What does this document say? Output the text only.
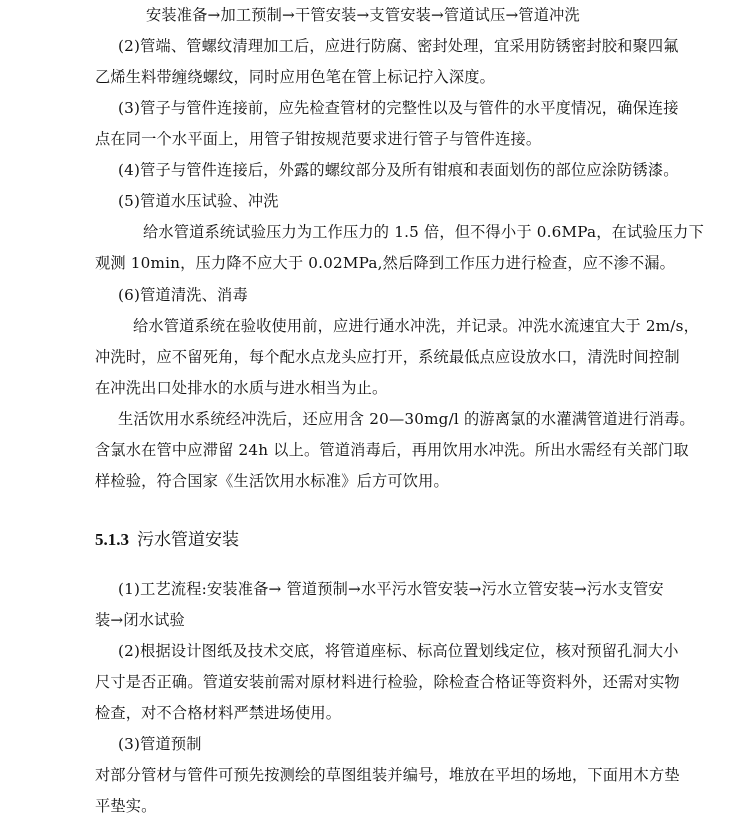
安装准备→加工预制→干管安装→支管安装→管道试压→管道冲洗
(2)管端、管螺纹清理加工后，应进行防腐、密封处理，宜采用防锈密封胶和聚四氟
乙烯生料带缠绕螺纹，同时应用色笔在管上标记拧入深度。
(3)管子与管件连接前，应先检查管材的完整性以及与管件的水平度情况，确保连接
点在同一个水平面上，用管子钳按规范要求进行管子与管件连接。
(4)管子与管件连接后，外露的螺纹部分及所有钳痕和表面划伤的部位应涂防锈漆。
(5)管道水压试验、冲洗
给水管道系统试验压力为工作压力的 1.5 倍，但不得小于 0.6MPa，在试验压力下
观测 10min，压力降不应大于 0.02MPa,然后降到工作压力进行检查，应不渗不漏。
(6)管道清洗、消毒
给水管道系统在验收使用前，应进行通水冲洗，并记录。冲洗水流速宜大于 2m/s，
冲洗时，应不留死角，每个配水点龙头应打开，系统最低点应设放水口，清洗时间控制
在冲洗出口处排水的水质与进水相当为止。
生活饮用水系统经冲洗后，还应用含 20—30mg/l 的游离氯的水灌满管道进行消毒。
含氯水在管中应滞留 24h 以上。管道消毒后，再用饮用水冲洗。所出水需经有关部门取
样检验，符合国家《生活饮用水标准》后方可饮用。
5.1.3 污水管道安装
(1)工艺流程:安装准备→ 管道预制→水平污水管安装→污水立管安装→污水支管安
装→闭水试验
(2)根据设计图纸及技术交底，将管道座标、标高位置划线定位，核对预留孔洞大小
尺寸是否正确。管道安装前需对原材料进行检验，除检查合格证等资料外，还需对实物
检查，对不合格材料严禁进场使用。
(3)管道预制
对部分管材与管件可预先按测绘的草图组装并编号，堆放在平坦的场地，下面用木方垫
平垫实。
